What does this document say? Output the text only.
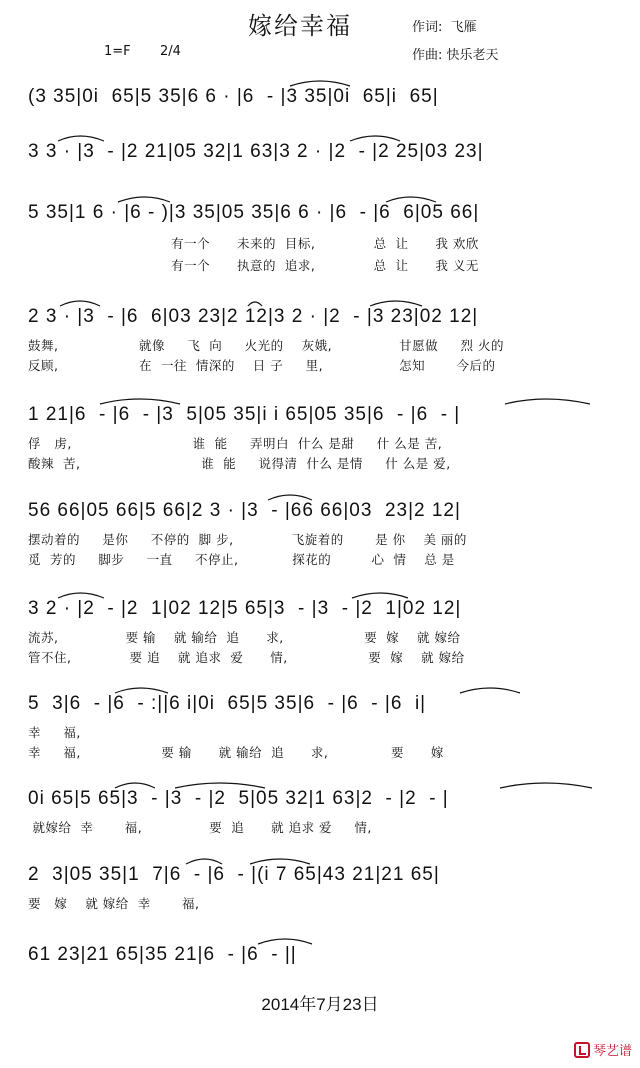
嫁给幸福
1=F 2/4
作词:  飞雁
作曲: 快乐老天
(3 35|0i  65|5 35|6 6 · |6  - |3 35|0i  65|i  65|
3 3 · |3  - |2 21|05 32|1 63|3 2 · |2  - |2 25|03 23|
5 35|1 6 · |6 - )|3 35|05 35|6 6 · |6  - |6  6|05 66|
有一个      未来的  目标,             总  让      我 欢欣
有一个      执意的  追求,             总  让      我 义无
2 3 · |3  - |6  6|03 23|2 12|3 2 · |2  - |3 23|02 12|
鼓舞,                  就像     飞  向     火光的    灰娥,               甘愿做     烈 火的
反顾,                  在  一往  情深的    日 子     里,                 怎知       今后的
1 21|6  - |6  - |3  5|05 35|i i 65|05 35|6  - |6  - |
俘   虏,                           谁  能     弄明白  什么 是甜     什 么是 苦,
酸辣  苦,                           谁  能     说得清  什么 是情     什 么是 爱,
56 66|05 66|5 66|2 3 · |3  - |66 66|03  23|2 12|
摆动着的     是你     不停的  脚 步,             飞旋着的       是 你    美 丽的
觅  芳的     脚步     一直     不停止,            探花的         心  情    总 是
3 2 · |2  - |2  1|02 12|5 65|3  - |3  - |2  1|02 12|
流苏,               要 输    就 输给  追      求,                  要  嫁    就 嫁给
管不住,             要 追    就 追求  爱      情,                  要  嫁    就 嫁给
5  3|6  - |6  - :||6 i|0i  65|5 35|6  - |6  - |6  i|
幸     福,
幸     福,                  要 输      就 输给  追      求,              要      嫁
0i 65|5 65|3  - |3  - |2  5|05 32|1 63|2  - |2  - |
就嫁给  幸       福,               要  追      就 追求 爱     情,
2  3|05 35|1  7|6  - |6  - |(i 7 65|43 21|21 65|
要   嫁    就 嫁给  幸       福,
61 23|21 65|35 21|6  - |6  - ||
2014年7月23日
琴艺谱
